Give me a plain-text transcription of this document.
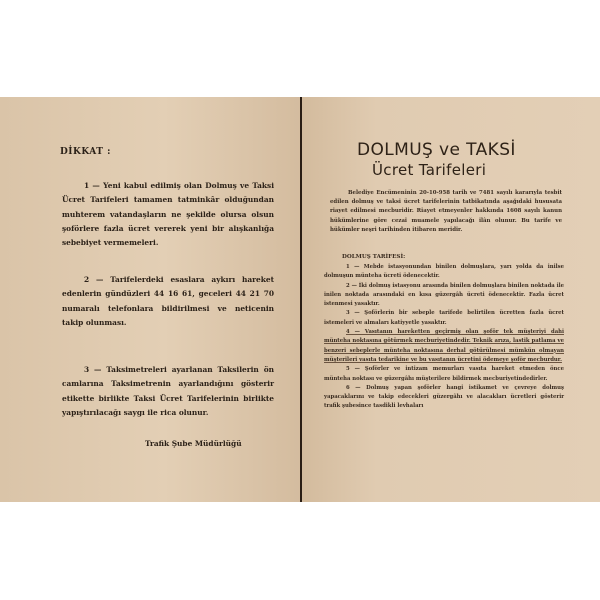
DİKKAT :
1 — Yeni kabul edilmiş olan Dolmuş ve Taksi Ücret Tarifeleri tamamen tatminkâr olduğundan muhterem vatandaşların ne şekilde olursa olsun şoförlere fazla ücret vererek yeni bir alışkanlığa sebebiyet vermemeleri.
2 — Tarifelerdeki esaslara aykırı hareket edenlerin gündüzleri 44 16 61, geceleri 44 21 70 numaralı telefonlara bildirilmesi ve neticenin takip olunması.
3 — Taksimetreleri ayarlanan Taksilerin ön camlarına Taksimetrenin ayarlandığını gösterir etikette birlikte Taksi Ücret Tarifelerinin birlikte yapıştırılacağı saygı ile rica olunur.
Trafik Şube Müdürlüğü
DOLMUŞ ve TAKSİ
Ücret Tarifeleri
Belediye Encümeninin 20-10-958 tarih ve 7481 sayılı kararıyla tesbit edilen dolmuş ve taksi ücret tarifelerinin tatbikatında aşağıdaki hususata riayet edilmesi mecburidir. Riayet etmeyenler hakkında 1608 sayılı kanun hükümlerine göre cezaî muamele yapılacağı ilân olunur. Bu tarife ve hükümler neşri tarihinden itibaren meridir.
DOLMUŞ TARİFESİ:

1 — Mebde istasyonundan binilen dolmuşlara, yarı yolda da inilse dolmuşun münteha ücreti ödenecektir.

2 — İki dolmuş istasyonu arasında binilen dolmuşlara binilen noktada ile inilen noktada arasındaki en kısa güzergâh ücreti ödenecektir. Fazla ücret istenmesi yasaktır.

3 — Şoförlerin bir sebeple tarifede belirtilen ücretten fazla ücret istemeleri ve almaları katiyyetle yasaktır.

4 — Vasıtanın hareketten geçirmiş olan şoför tek müşteriyi dahi münteha noktasına götürmek mecburiyetindedir. Teknik arıza, lastik patlama ve benzeri sebeplerle münteha noktasına derhal götürülmesi mümkün olmayan müşterileri vasıta tedarikine ve bu vasıtanın ücretini ödemeye şoför mecburdur.

5 — Şoförler ve intizam memurları vasıta hareket etmeden önce münteha noktası ve güzergâhı müşterilere bildirmek mecburiyetindedirler.

6 — Dolmuş yapan şoförler hangi istikamet ve çevreye dolmuş yapacaklarını ve takip edecekleri güzergâhı ve alacakları ücretleri gösterir trafik şubesince tasdikli levhaları
